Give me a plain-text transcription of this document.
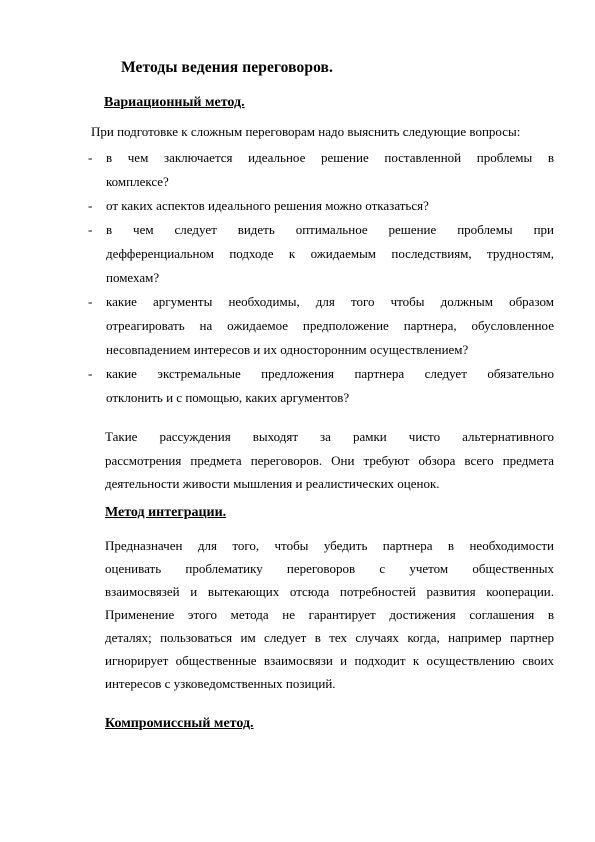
Методы ведения переговоров.
Вариационный метод.
При подготовке к сложным переговорам надо выяснить следующие вопросы:
- в чем заключается идеальное решение поставленной проблемы в
комплексе?
- от каких аспектов идеального решения можно отказаться?
- в чем следует видеть оптимальное решение проблемы при
дефференциальном подходе к ожидаемым последствиям, трудностям,
помехам?
- какие аргументы необходимы, для того чтобы должным образом
отреагировать на ожидаемое предположение партнера, обусловленное
несовпадением интересов и их односторонним осуществлением?
- какие экстремальные предложения партнера следует обязательно
отклонить и с помощью, каких аргументов?
Такие рассуждения выходят за рамки чисто альтернативного
рассмотрения предмета переговоров. Они требуют обзора всего предмета
деятельности живости мышления и реалистических оценок.
Метод интеграции.
Предназначен для того, чтобы убедить партнера в необходимости
оценивать проблематику переговоров с учетом общественных
взаимосвязей и вытекающих отсюда потребностей развития кооперации.
Применение этого метода не гарантирует достижения соглашения в
деталях; пользоваться им следует в тех случаях когда, например партнер
игнорирует общественные взаимосвязи и подходит к осуществлению своих
интересов с узковедомственных позиций.
Компромиссный метод.
